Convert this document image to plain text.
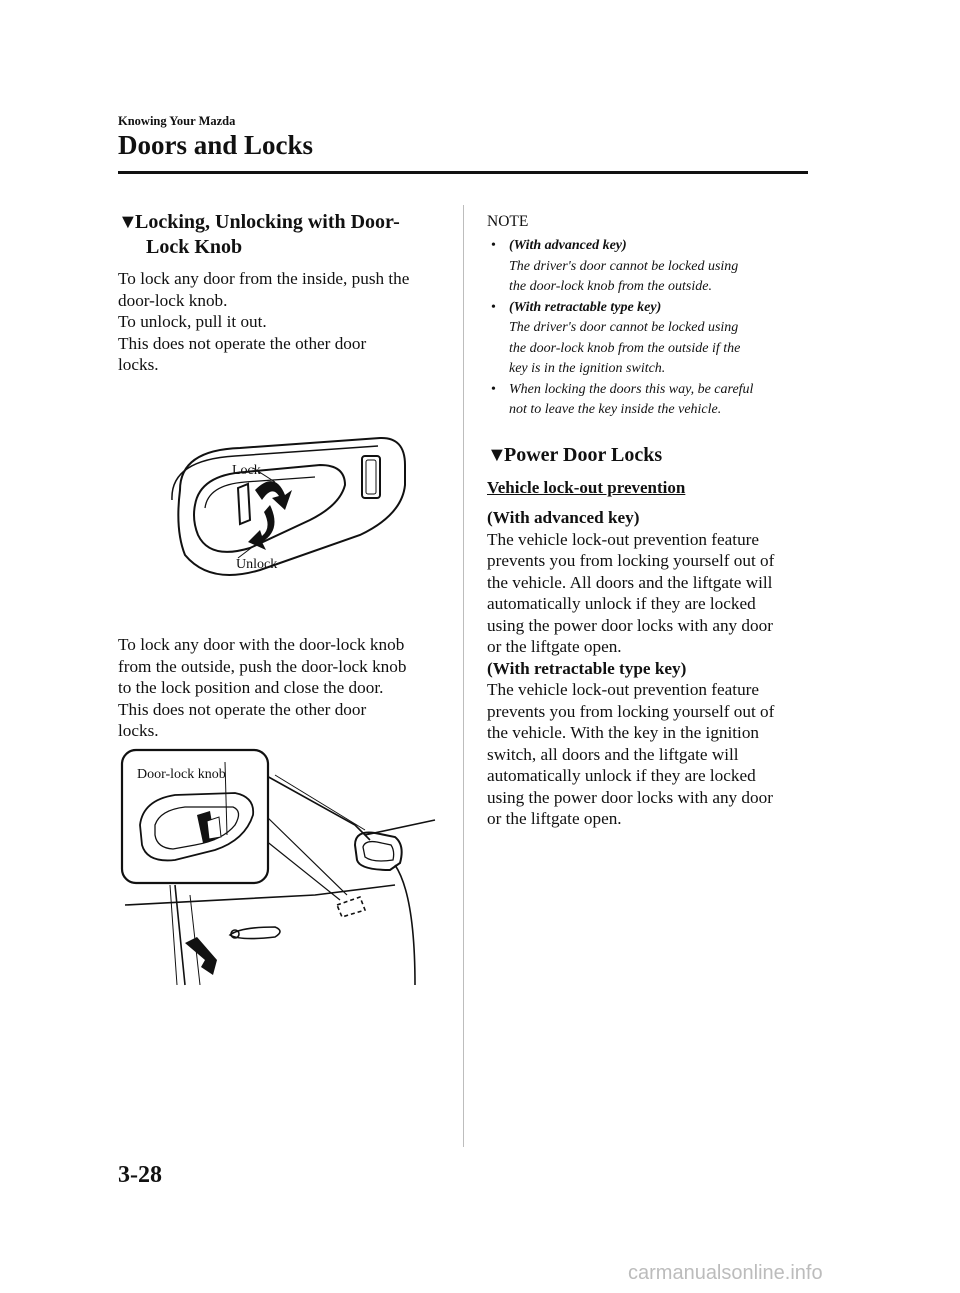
Knowing Your Mazda
Doors and Locks
▼Locking, Unlocking with Door-
Lock Knob

To lock any door from the inside, push the

door-lock knob.

To unlock, pull it out.

This does not operate the other door

locks.

Lock
Unlock

To lock any door with the door-lock knob

from the outside, push the door-lock knob

to the lock position and close the door.

This does not operate the other door

locks.

Door-lock knob
NOTE
• (With advanced key)
The driver's door cannot be locked using
the door-lock knob from the outside.
• (With retractable type key)
The driver's door cannot be locked using
the door-lock knob from the outside if the
key is in the ignition switch.
• When locking the doors this way, be careful
not to leave the key inside the vehicle.
▼Power Door Locks
Vehicle lock-out prevention

(With advanced key)

The vehicle lock-out prevention feature

prevents you from locking yourself out of

the vehicle. All doors and the liftgate will

automatically unlock if they are locked

using the power door locks with any door

or the liftgate open.

(With retractable type key)

The vehicle lock-out prevention feature

prevents you from locking yourself out of

the vehicle. With the key in the ignition

switch, all doors and the liftgate will

automatically unlock if they are locked

using the power door locks with any door

or the liftgate open.

3-28
carmanualsonline.info
